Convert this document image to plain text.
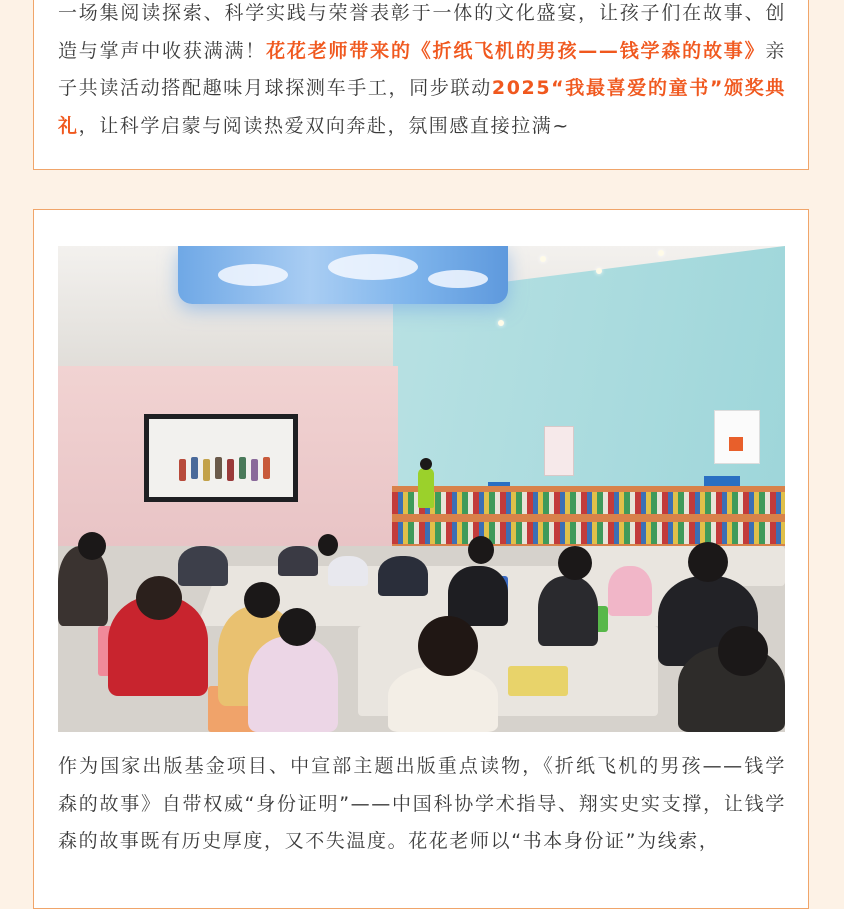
一场集阅读探索、科学实践与荣誉表彰于一体的文化盛宴，让孩子们在故事、创造与掌声中收获满满！花花老师带来的《折纸飞机的男孩——钱学森的故事》亲子共读活动搭配趣味月球探测车手工，同步联动2025“我最喜爱的童书”颁奖典礼，让科学启蒙与阅读热爱双向奔赴，氛围感直接拉满~

作为国家出版基金项目、中宣部主题出版重点读物，《折纸飞机的男孩——钱学森的故事》自带权威“身份证明”——中国科协学术指导、翔实史实支撑，让钱学森的故事既有历史厚度，又不失温度。花花老师以“书本身份证”为线索，
